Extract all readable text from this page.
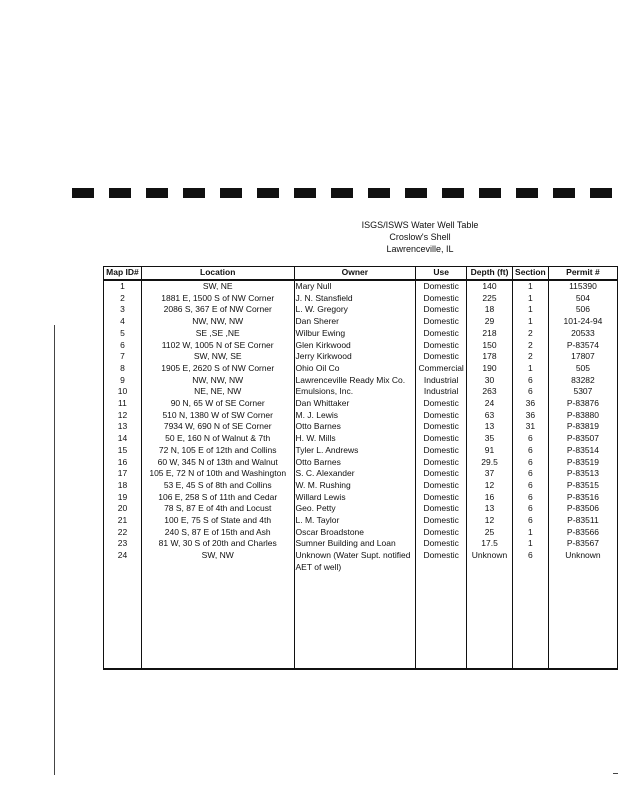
ISGS/ISWS Water Well Table
Croslow's Shell
Lawrenceville, IL
Map ID#	Location	Owner	Use	Depth (ft)	Section	Permit #
1	SW, NE	Mary Null	Domestic	140	1	115390
2	1881 E, 1500 S of NW Corner	J. N. Stansfield	Domestic	225	1	504
3	2086 S, 367 E of NW Corner	L. W. Gregory	Domestic	18	1	506
4	NW, NW, NW	Dan Sherer	Domestic	29	1	101-24-94
5	SE ,SE ,NE	Wilbur Ewing	Domestic	218	2	20533
6	1102 W, 1005 N of SE Corner	Glen Kirkwood	Domestic	150	2	P-83574
7	SW, NW, SE	Jerry Kirkwood	Domestic	178	2	17807
8	1905 E, 2620 S of NW Corner	Ohio Oil Co	Commercial	190	1	505
9	NW, NW, NW	Lawrenceville Ready Mix Co.	Industrial	30	6	83282
10	NE, NE, NW	Emulsions, Inc.	Industrial	263	6	5307
11	90 N, 65 W of SE Corner	Dan Whittaker	Domestic	24	36	P-83876
12	510 N, 1380 W of SW Corner	M. J. Lewis	Domestic	63	36	P-83880
13	7934 W, 690 N of SE Corner	Otto Barnes	Domestic	13	31	P-83819
14	50 E, 160 N of Walnut & 7th	H. W. Mills	Domestic	35	6	P-83507
15	72 N, 105 E of 12th and Collins	Tyler L. Andrews	Domestic	91	6	P-83514
16	60 W, 345 N of 13th and Walnut	Otto Barnes	Domestic	29.5	6	P-83519
17	105 E, 72 N of 10th and Washington	S. C. Alexander	Domestic	37	6	P-83513
18	53 E, 45 S of 8th and Collins	W. M. Rushing	Domestic	12	6	P-83515
19	106 E, 258 S of 11th and Cedar	Willard Lewis	Domestic	16	6	P-83516
20	78 S, 87 E of 4th and Locust	Geo. Petty	Domestic	13	6	P-83506
21	100 E, 75 S of State and 4th	L. M. Taylor	Domestic	12	6	P-83511
22	240 S, 87 E of 15th and Ash	Oscar Broadstone	Domestic	25	1	P-83566
23	81 W, 30 S of 20th and Charles	Sumner Building and Loan	Domestic	17.5	1	P-83567
24	SW, NW	Unknown (Water Supt. notified AET of well)	Domestic	Unknown	6	Unknown
